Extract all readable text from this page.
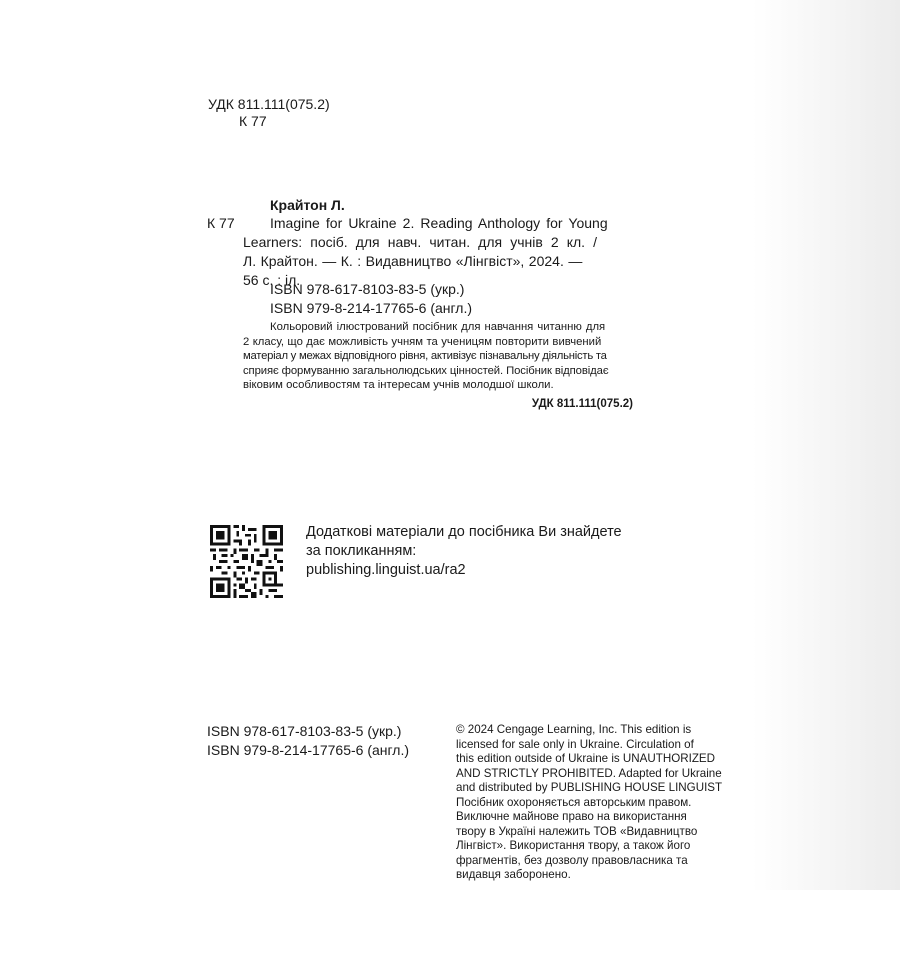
УДК 811.111(075.2)
К 77
Крайтон Л.
К 77	Imagine for Ukraine 2. Reading Anthology for Young
Learners: посіб. для навч. читан. для учнів 2 кл. /
Л. Крайтон. — К. : Видавництво «Лінгвіст», 2024. —
56 с. : іл.
ISBN 978-617-8103-83-5 (укр.)
ISBN 979-8-214-17765-6 (англ.)
Кольоровий ілюстрований посібник для навчання читанню для
2 класу, що дає можливість учням та ученицям повторити вивчений
матеріал у межах відповідного рівня, активізує пізнавальну діяльність та
сприяє формуванню загальнолюдських цінностей. Посібник відповідає
віковим особливостям та інтересам учнів молодшої школи.
УДК 811.111(075.2)
Додаткові матеріали до посібника Ви знайдете
за покликанням:
publishing.linguist.ua/ra2
ISBN 978-617-8103-83-5 (укр.)
ISBN 979-8-214-17765-6 (англ.)
© 2024 Cengage Learning, Inc. This edition is
licensed for sale only in Ukraine. Circulation of
this edition outside of Ukraine is UNAUTHORIZED
AND STRICTLY PROHIBITED. Adapted for Ukraine
and distributed by PUBLISHING HOUSE LINGUIST
Посібник охороняється авторським правом.
Виключне майнове право на використання
твору в Україні належить ТОВ «Видавництво
Лінгвіст». Використання твору, а також його
фрагментів, без дозволу правовласника та
видавця заборонено.
